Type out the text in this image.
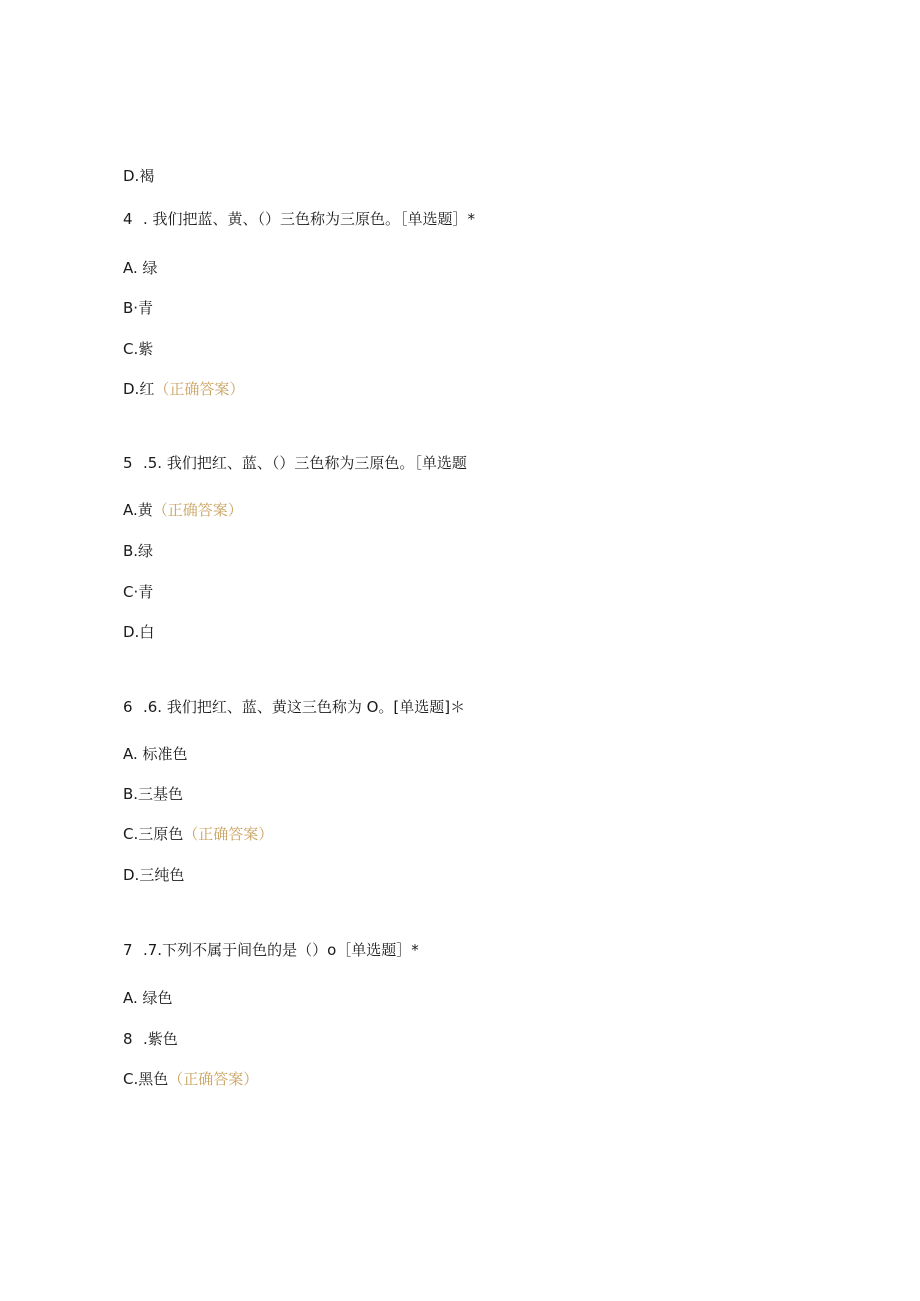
D.褐
4 . 我们把蓝、黄、（）三色称为三原色。［单选题］*
A. 绿
B·青
C.紫
D.红（正确答案）
5 .5. 我们把红、蓝、（）三色称为三原色。［单选题
A.黄（正确答案）
B.绿
C·青
D.白
6 .6. 我们把红、蓝、黄这三色称为 O。[单选题]＊
A. 标准色
B.三基色
C.三原色（正确答案）
D.三纯色
7 .7.下列不属于间色的是（）o［单选题］*
A. 绿色
8 .紫色
C.黑色（正确答案）
